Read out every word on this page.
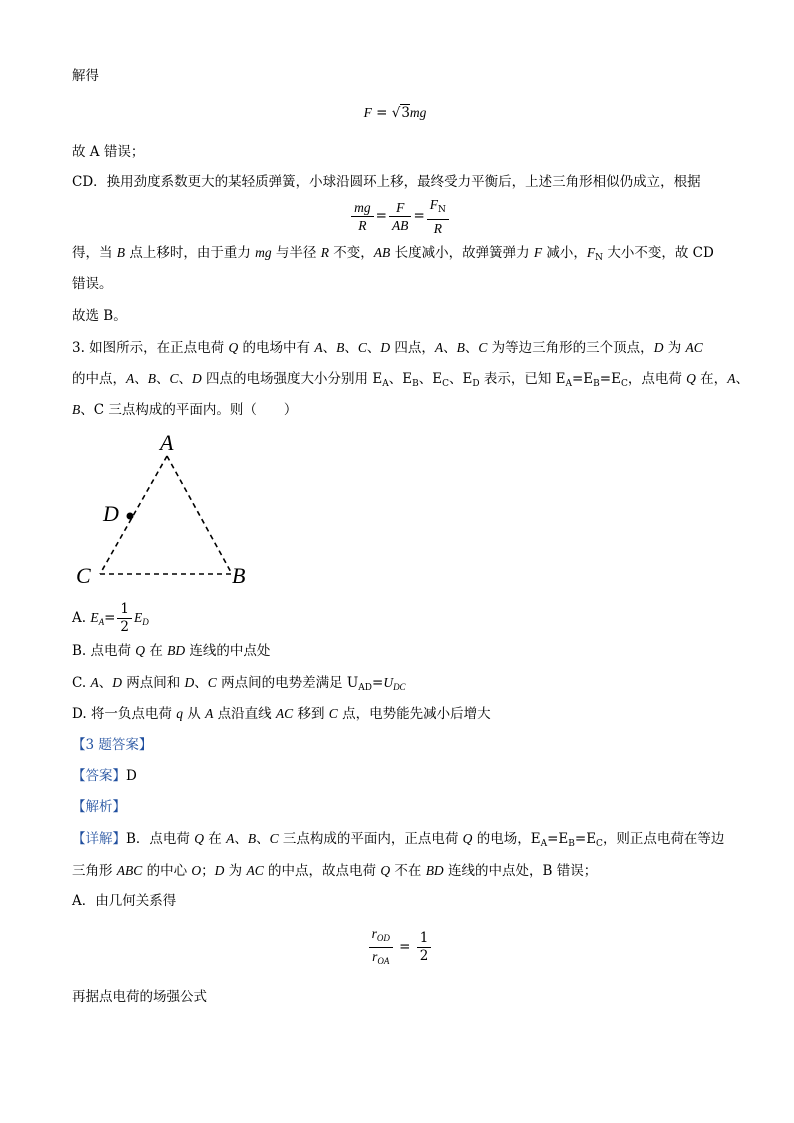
解得
F = √3mg
故 A 错误；
CD．换用劲度系数更大的某轻质弹簧，小球沿圆环上移，最终受力平衡后，上述三角形相似仍成立，根据
$\frac{mg}{R} = \frac{F}{AB} = \frac{F_N}{R}$
得，当 B 点上移时，由于重力 mg 与半径 R 不变，AB 长度减小，故弹簧弹力 F 减小，$F_N$ 大小不变，故 CD
错误。
故选 B。
3. 如图所示，在正点电荷 Q 的电场中有 A、B、C、D 四点，A、B、C 为等边三角形的三个顶点，D 为 AC
的中点，A、B、C、D 四点的电场强度大小分别用 $E_A$、$E_B$、$E_C$、$E_D$ 表示，已知 $E_A=E_B=E_C$，点电荷 Q 在，A、
B、C 三点构成的平面内。则（　　）
A
D
C	B
A. $E_A= \frac{1}{2} E_D$
B. 点电荷 Q 在 BD 连线的中点处
C. A、D 两点间和 D、C 两点间的电势差满足 $U_{AD}=U_{DC}$
D. 将一负点电荷 q 从 A 点沿直线 AC 移到 C 点，电势能先减小后增大
【3 题答案】
【答案】D
【解析】
【详解】B．点电荷 Q 在 A、B、C 三点构成的平面内，正点电荷 Q 的电场，$E_A=E_B=E_C$，则正点电荷在等边
三角形 ABC 的中心 O；D 为 AC 的中点，故点电荷 Q 不在 BD 连线的中点处，B 错误；
A．由几何关系得
$\frac{r_{OD}}{r_{OA}} = \frac{1}{2}$
再据点电荷的场强公式
